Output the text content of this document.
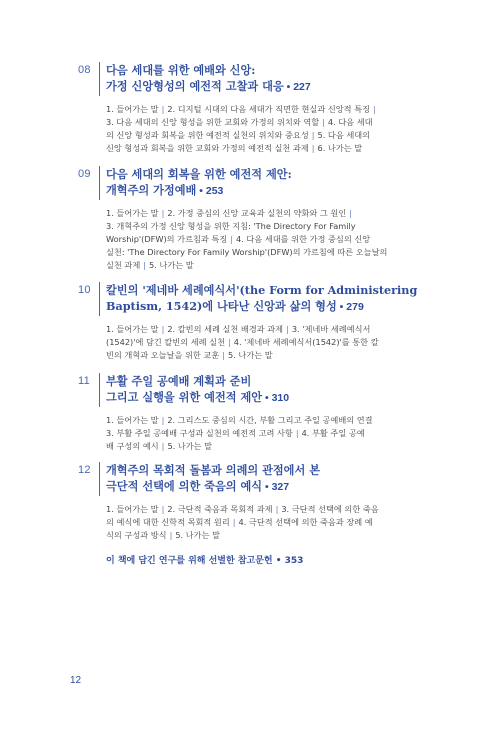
08	다음 세대를 위한 예배와 신앙:
가정 신앙형성의 예전적 고찰과 대응 • 227
1. 들어가는 말 | 2. 디지털 시대의 다음 세대가 직면한 현실과 신앙적 특징 |
3. 다음 세대의 신앙 형성을 위한 교회와 가정의 위치와 역할 | 4. 다음 세대
의 신앙 형성과 회복을 위한 예전적 실천의 위치와 중요성 | 5. 다음 세대의
신앙 형성과 회복을 위한 교회와 가정의 예전적 실천 과제 | 6. 나가는 말
09	다음 세대의 회복을 위한 예전적 제안:
개혁주의 가정예배 • 253
1. 들어가는 말 | 2. 가정 중심의 신앙 교육과 실천의 약화와 그 원인 |
3. 개혁주의 가정 신앙 형성을 위한 지침: 'The Directory For Family
Worship'(DFW)의 가르침과 특징 | 4. 다음 세대를 위한 가정 중심의 신앙
실천: 'The Directory For Family Worship'(DFW)의 가르침에 따른 오늘날의
실천 과제 | 5. 나가는 말
10	칼빈의 '제네바 세례예식서'(the Form for Administering
Baptism, 1542)에 나타난 신앙과 삶의 형성 • 279
1. 들어가는 말 | 2. 칼빈의 세례 실천 배경과 과제 | 3. '제네바 세례예식서
(1542)'에 담긴 칼빈의 세례 실천 | 4. '제네바 세례예식서(1542)'를 통한 칼
빈의 개혁과 오늘날을 위한 교훈 | 5. 나가는 말
11	부활 주일 공예배 계획과 준비
그리고 실행을 위한 예전적 제안 • 310
1. 들어가는 말 | 2. 그리스도 중심의 시간, 부활 그리고 주일 공예배의 연결
3. 부활 주일 공예배 구성과 실천의 예전적 고려 사항 | 4. 부활 주일 공예
배 구성의 예시 | 5. 나가는 말
12	개혁주의 목회적 돌봄과 의례의 관점에서 본
극단적 선택에 의한 죽음의 예식 • 327
1. 들어가는 말 | 2. 극단적 죽음과 목회적 과제 | 3. 극단적 선택에 의한 죽음
의 예식에 대한 신학적 목회적 원리 | 4. 극단적 선택에 의한 죽음과 장례 예
식의 구성과 방식 | 5. 나가는 말
이 책에 담긴 연구를 위해 선별한 참고문헌 • 353
12
